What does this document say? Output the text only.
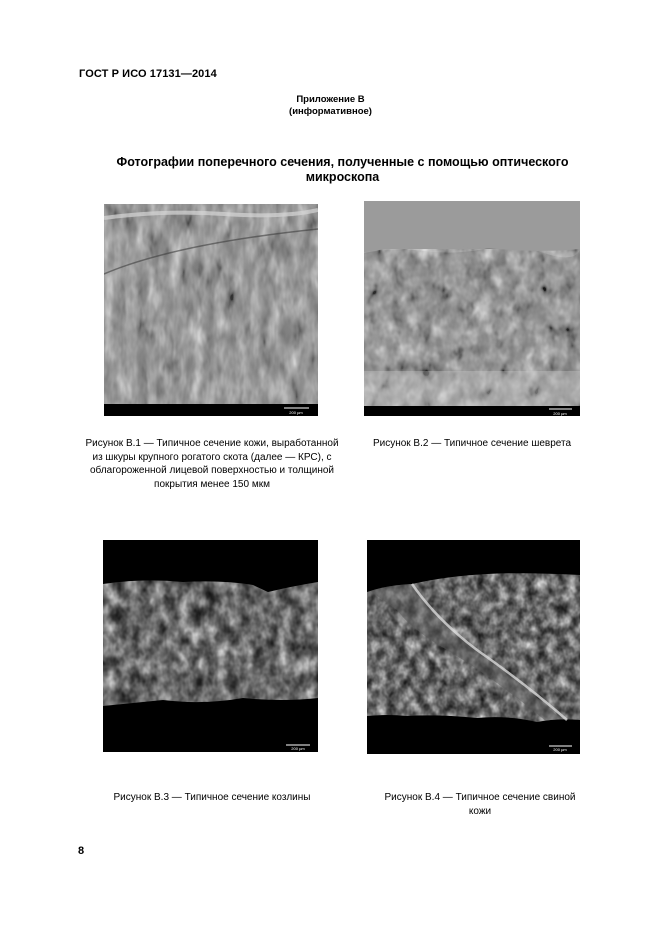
ГОСТ Р ИСО 17131—2014
Приложение В
(информативное)
Фотографии поперечного сечения, полученные с помощью оптического микроскопа
200 µm	200 µm
Рисунок В.1 — Типичное сечение кожи, выработанной из шкуры крупного рогатого скота (далее — КРС), с облагороженной лицевой поверхностью и толщиной покрытия менее 150 мкм
Рисунок В.2 — Типичное сечение шеврета
200 µm	200 µm
Рисунок В.3 — Типичное сечение козлины	Рисунок В.4 — Типичное сечение свиной кожи
8
